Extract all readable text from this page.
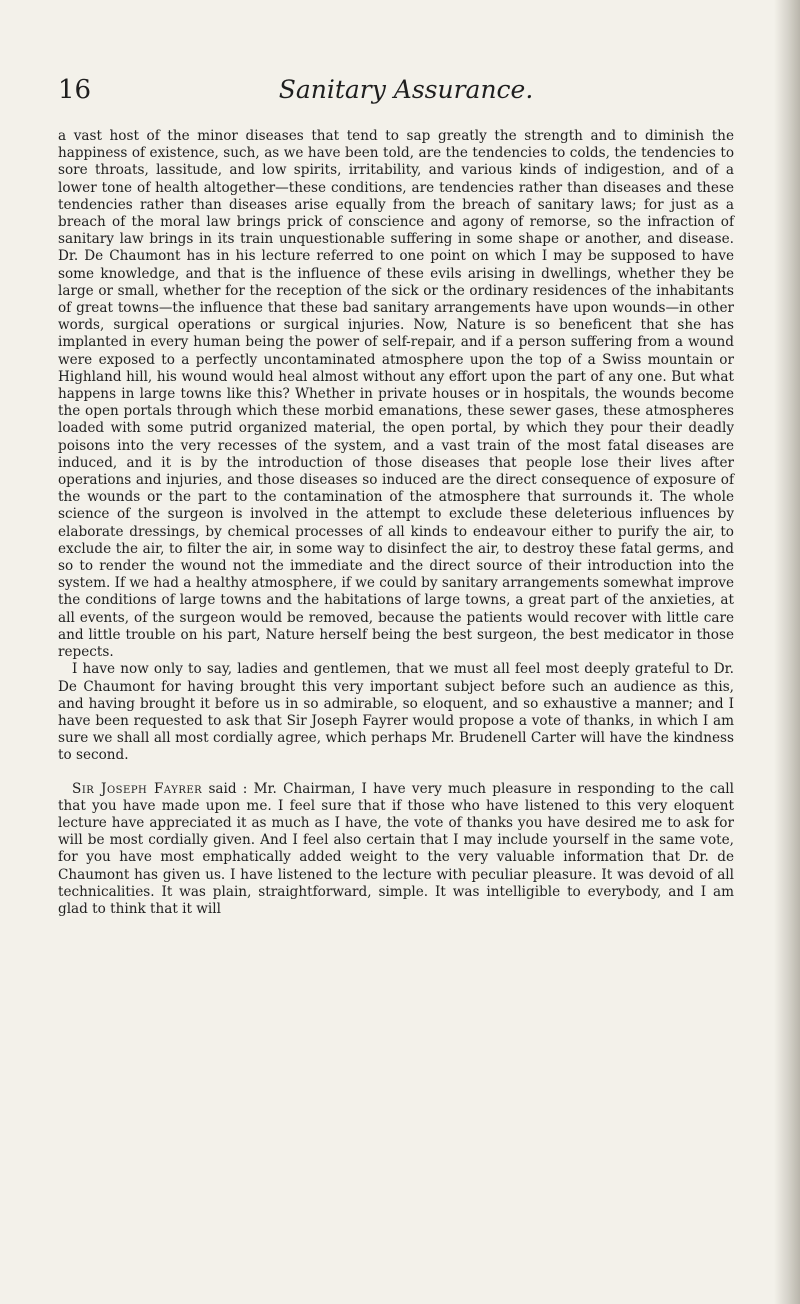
16	Sanitary Assurance.

a vast host of the minor diseases that tend to sap greatly the strength and to diminish the happiness of existence, such, as we have been told, are the tendencies to colds, the tendencies to sore throats, lassitude, and low spirits, irritability, and various kinds of indigestion, and of a lower tone of health altogether—these conditions, are tendencies rather than diseases and these tendencies rather than diseases arise equally from the breach of sanitary laws; for just as a breach of the moral law brings prick of conscience and agony of remorse, so the infraction of sanitary law brings in its train unquestionable suffering in some shape or another, and disease. Dr. De Chaumont has in his lecture referred to one point on which I may be supposed to have some knowledge, and that is the influence of these evils arising in dwellings, whether they be large or small, whether for the reception of the sick or the ordinary residences of the inhabitants of great towns—the influence that these bad sanitary arrangements have upon wounds—in other words, surgical operations or surgical injuries. Now, Nature is so beneficent that she has implanted in every human being the power of self-repair, and if a person suffering from a wound were exposed to a perfectly uncontaminated atmosphere upon the top of a Swiss mountain or Highland hill, his wound would heal almost without any effort upon the part of any one. But what happens in large towns like this? Whether in private houses or in hospitals, the wounds become the open portals through which these morbid emanations, these sewer gases, these atmospheres loaded with some putrid organized material, the open portal, by which they pour their deadly poisons into the very recesses of the system, and a vast train of the most fatal diseases are induced, and it is by the introduction of those diseases that people lose their lives after operations and injuries, and those diseases so induced are the direct consequence of exposure of the wounds or the part to the contamination of the atmosphere that surrounds it. The whole science of the surgeon is involved in the attempt to exclude these deleterious influences by elaborate dressings, by chemical processes of all kinds to endeavour either to purify the air, to exclude the air, to filter the air, in some way to disinfect the air, to destroy these fatal germs, and so to render the wound not the immediate and the direct source of their introduction into the system. If we had a healthy atmosphere, if we could by sanitary arrangements somewhat improve the conditions of large towns and the habitations of large towns, a great part of the anxieties, at all events, of the surgeon would be removed, because the patients would recover with little care and little trouble on his part, Nature herself being the best surgeon, the best medicator in those repects.

I have now only to say, ladies and gentlemen, that we must all feel most deeply grateful to Dr. De Chaumont for having brought this very important subject before such an audience as this, and having brought it before us in so admirable, so eloquent, and so exhaustive a manner; and I have been requested to ask that Sir Joseph Fayrer would propose a vote of thanks, in which I am sure we shall all most cordially agree, which perhaps Mr. Brudenell Carter will have the kindness to second.

Sir Joseph Fayrer said : Mr. Chairman, I have very much pleasure in responding to the call that you have made upon me. I feel sure that if those who have listened to this very eloquent lecture have appreciated it as much as I have, the vote of thanks you have desired me to ask for will be most cordially given. And I feel also certain that I may include yourself in the same vote, for you have most emphatically added weight to the very valuable information that Dr. de Chaumont has given us. I have listened to the lecture with peculiar pleasure. It was devoid of all technicalities. It was plain, straightforward, simple. It was intelligible to everybody, and I am glad to think that it will
